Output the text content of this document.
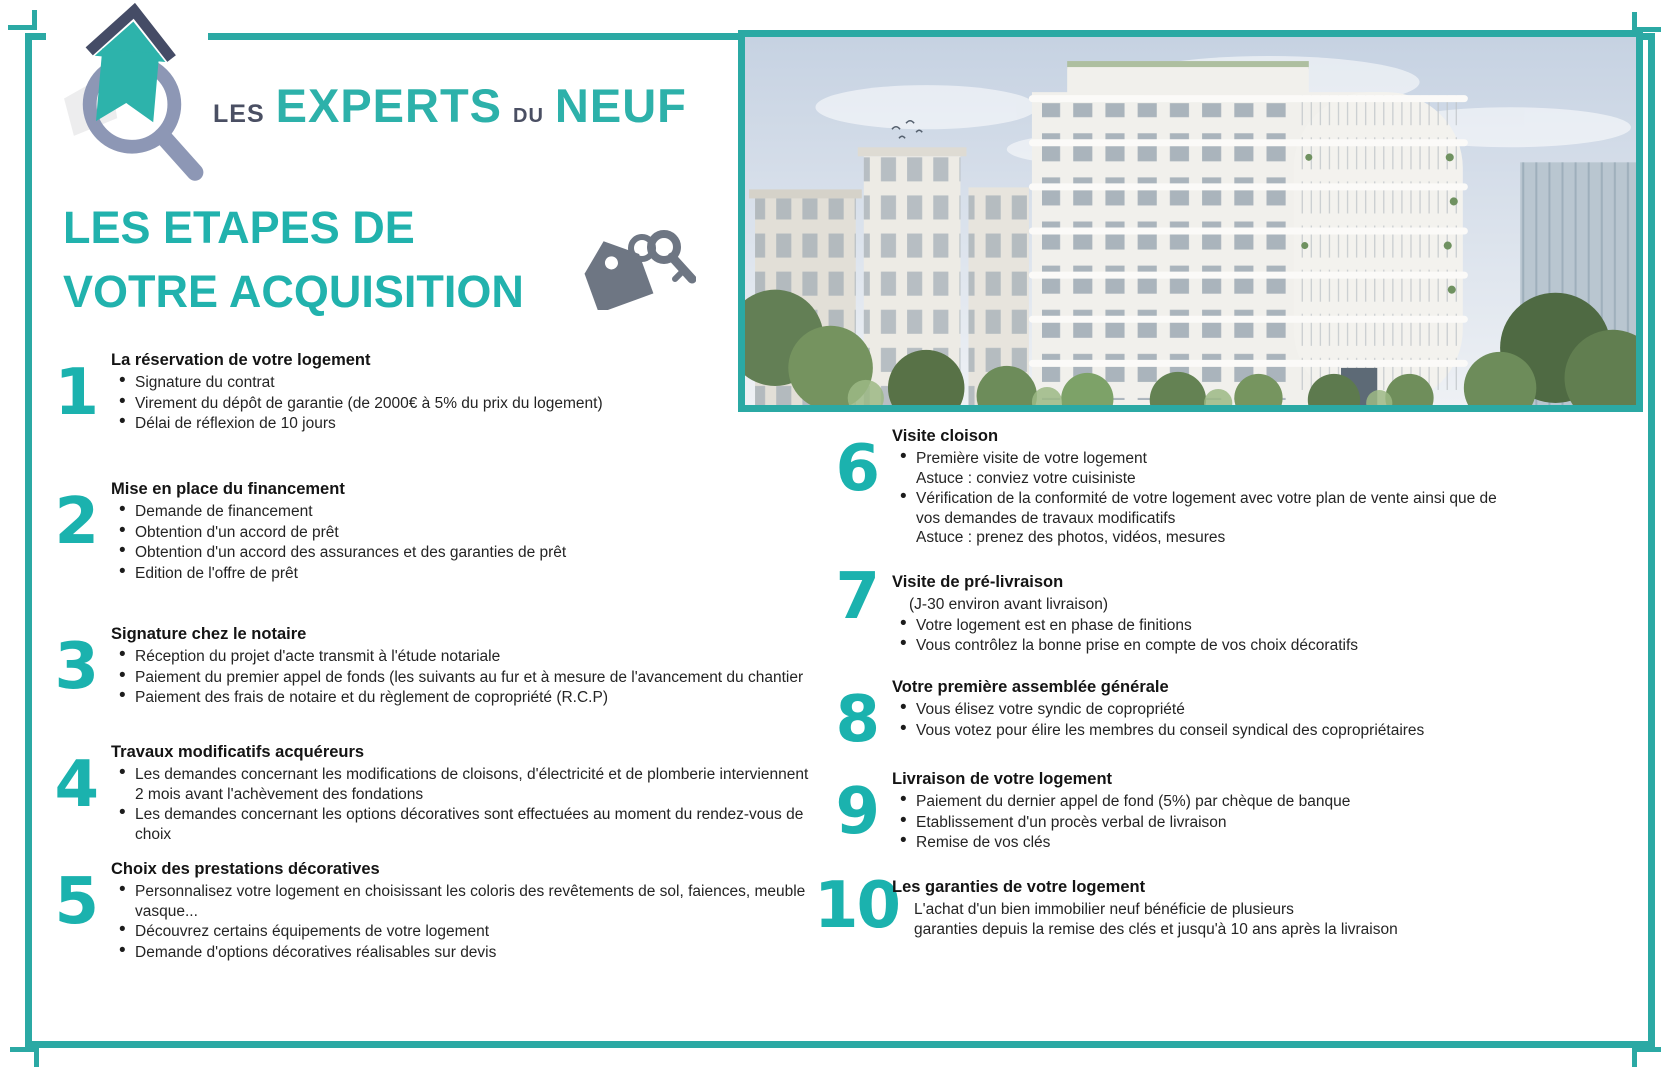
LES EXPERTS DU NEUF
LES ETAPES DE
VOTRE ACQUISITION
1 La réservation de votre logement
• Signature du contrat
• Virement du dépôt de garantie (de 2000€ à 5% du prix du logement)
• Délai de réflexion de 10 jours
2 Mise en place du financement
• Demande de financement
• Obtention d'un accord de prêt
• Obtention d'un accord des assurances et des garanties de prêt
• Edition de l'offre de prêt
3 Signature chez le notaire
• Réception du projet d'acte transmit à l'étude notariale
• Paiement du premier appel de fonds (les suivants au fur et à mesure de l'avancement du chantier
• Paiement des frais de notaire et du règlement de copropriété (R.C.P)
4 Travaux modificatifs acquéreurs
• Les demandes concernant les modifications de cloisons, d'électricité et de plomberie interviennent 2 mois avant l'achèvement des fondations
• Les demandes concernant les options décoratives sont effectuées au moment du rendez-vous de choix
5 Choix des prestations décoratives
• Personnalisez votre logement en choisissant les coloris des revêtements de sol, faiences, meuble vasque...
• Découvrez certains équipements de votre logement
• Demande d'options décoratives réalisables sur devis
6 Visite cloison
• Première visite de votre logement
Astuce : conviez votre cuisiniste
• Vérification de la conformité de votre logement avec votre plan de vente ainsi que de vos demandes de travaux modificatifs
Astuce : prenez des photos, vidéos, mesures
7 Visite de pré-livraison
(J-30 environ avant livraison)
• Votre logement est en phase de finitions
• Vous contrôlez la bonne prise en compte de vos choix décoratifs
8 Votre première assemblée générale
• Vous élisez votre syndic de copropriété
• Vous votez pour élire les membres du conseil syndical des copropriétaires
9 Livraison de votre logement
• Paiement du dernier appel de fond (5%) par chèque de banque
• Etablissement d'un procès verbal de livraison
• Remise de vos clés
10
Les garanties de votre logement
L'achat d'un bien immobilier neuf bénéficie de plusieurs
garanties depuis la remise des clés et jusqu'à 10 ans après la livraison
